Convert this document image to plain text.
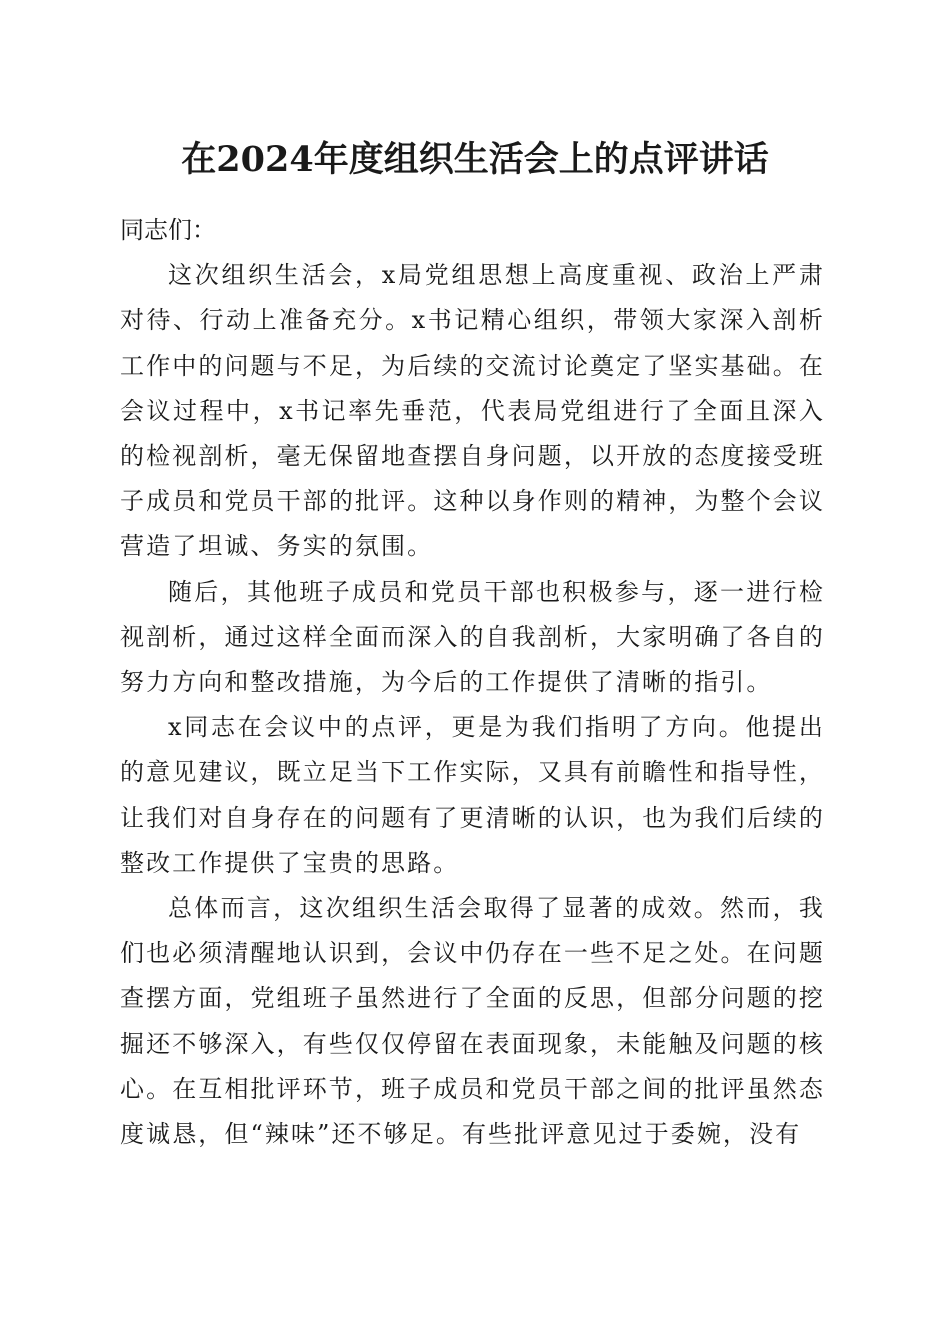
在2024年度组织生活会上的点评讲话

同志们：

这次组织生活会，x局党组思想上高度重视、政治上严肃对待、行动上准备充分。x书记精心组织，带领大家深入剖析工作中的问题与不足，为后续的交流讨论奠定了坚实基础。在会议过程中，x书记率先垂范，代表局党组进行了全面且深入的检视剖析，毫无保留地查摆自身问题，以开放的态度接受班子成员和党员干部的批评。这种以身作则的精神，为整个会议营造了坦诚、务实的氛围。

随后，其他班子成员和党员干部也积极参与，逐一进行检视剖析，通过这样全面而深入的自我剖析，大家明确了各自的努力方向和整改措施，为今后的工作提供了清晰的指引。

x同志在会议中的点评，更是为我们指明了方向。他提出的意见建议，既立足当下工作实际，又具有前瞻性和指导性，让我们对自身存在的问题有了更清晰的认识，也为我们后续的整改工作提供了宝贵的思路。

总体而言，这次组织生活会取得了显著的成效。然而，我们也必须清醒地认识到，会议中仍存在一些不足之处。在问题查摆方面，党组班子虽然进行了全面的反思，但部分问题的挖掘还不够深入，有些仅仅停留在表面现象，未能触及问题的核心。在互相批评环节，班子成员和党员干部之间的批评虽然态度诚恳，但“辣味”还不够足。有些批评意见过于委婉，没有
